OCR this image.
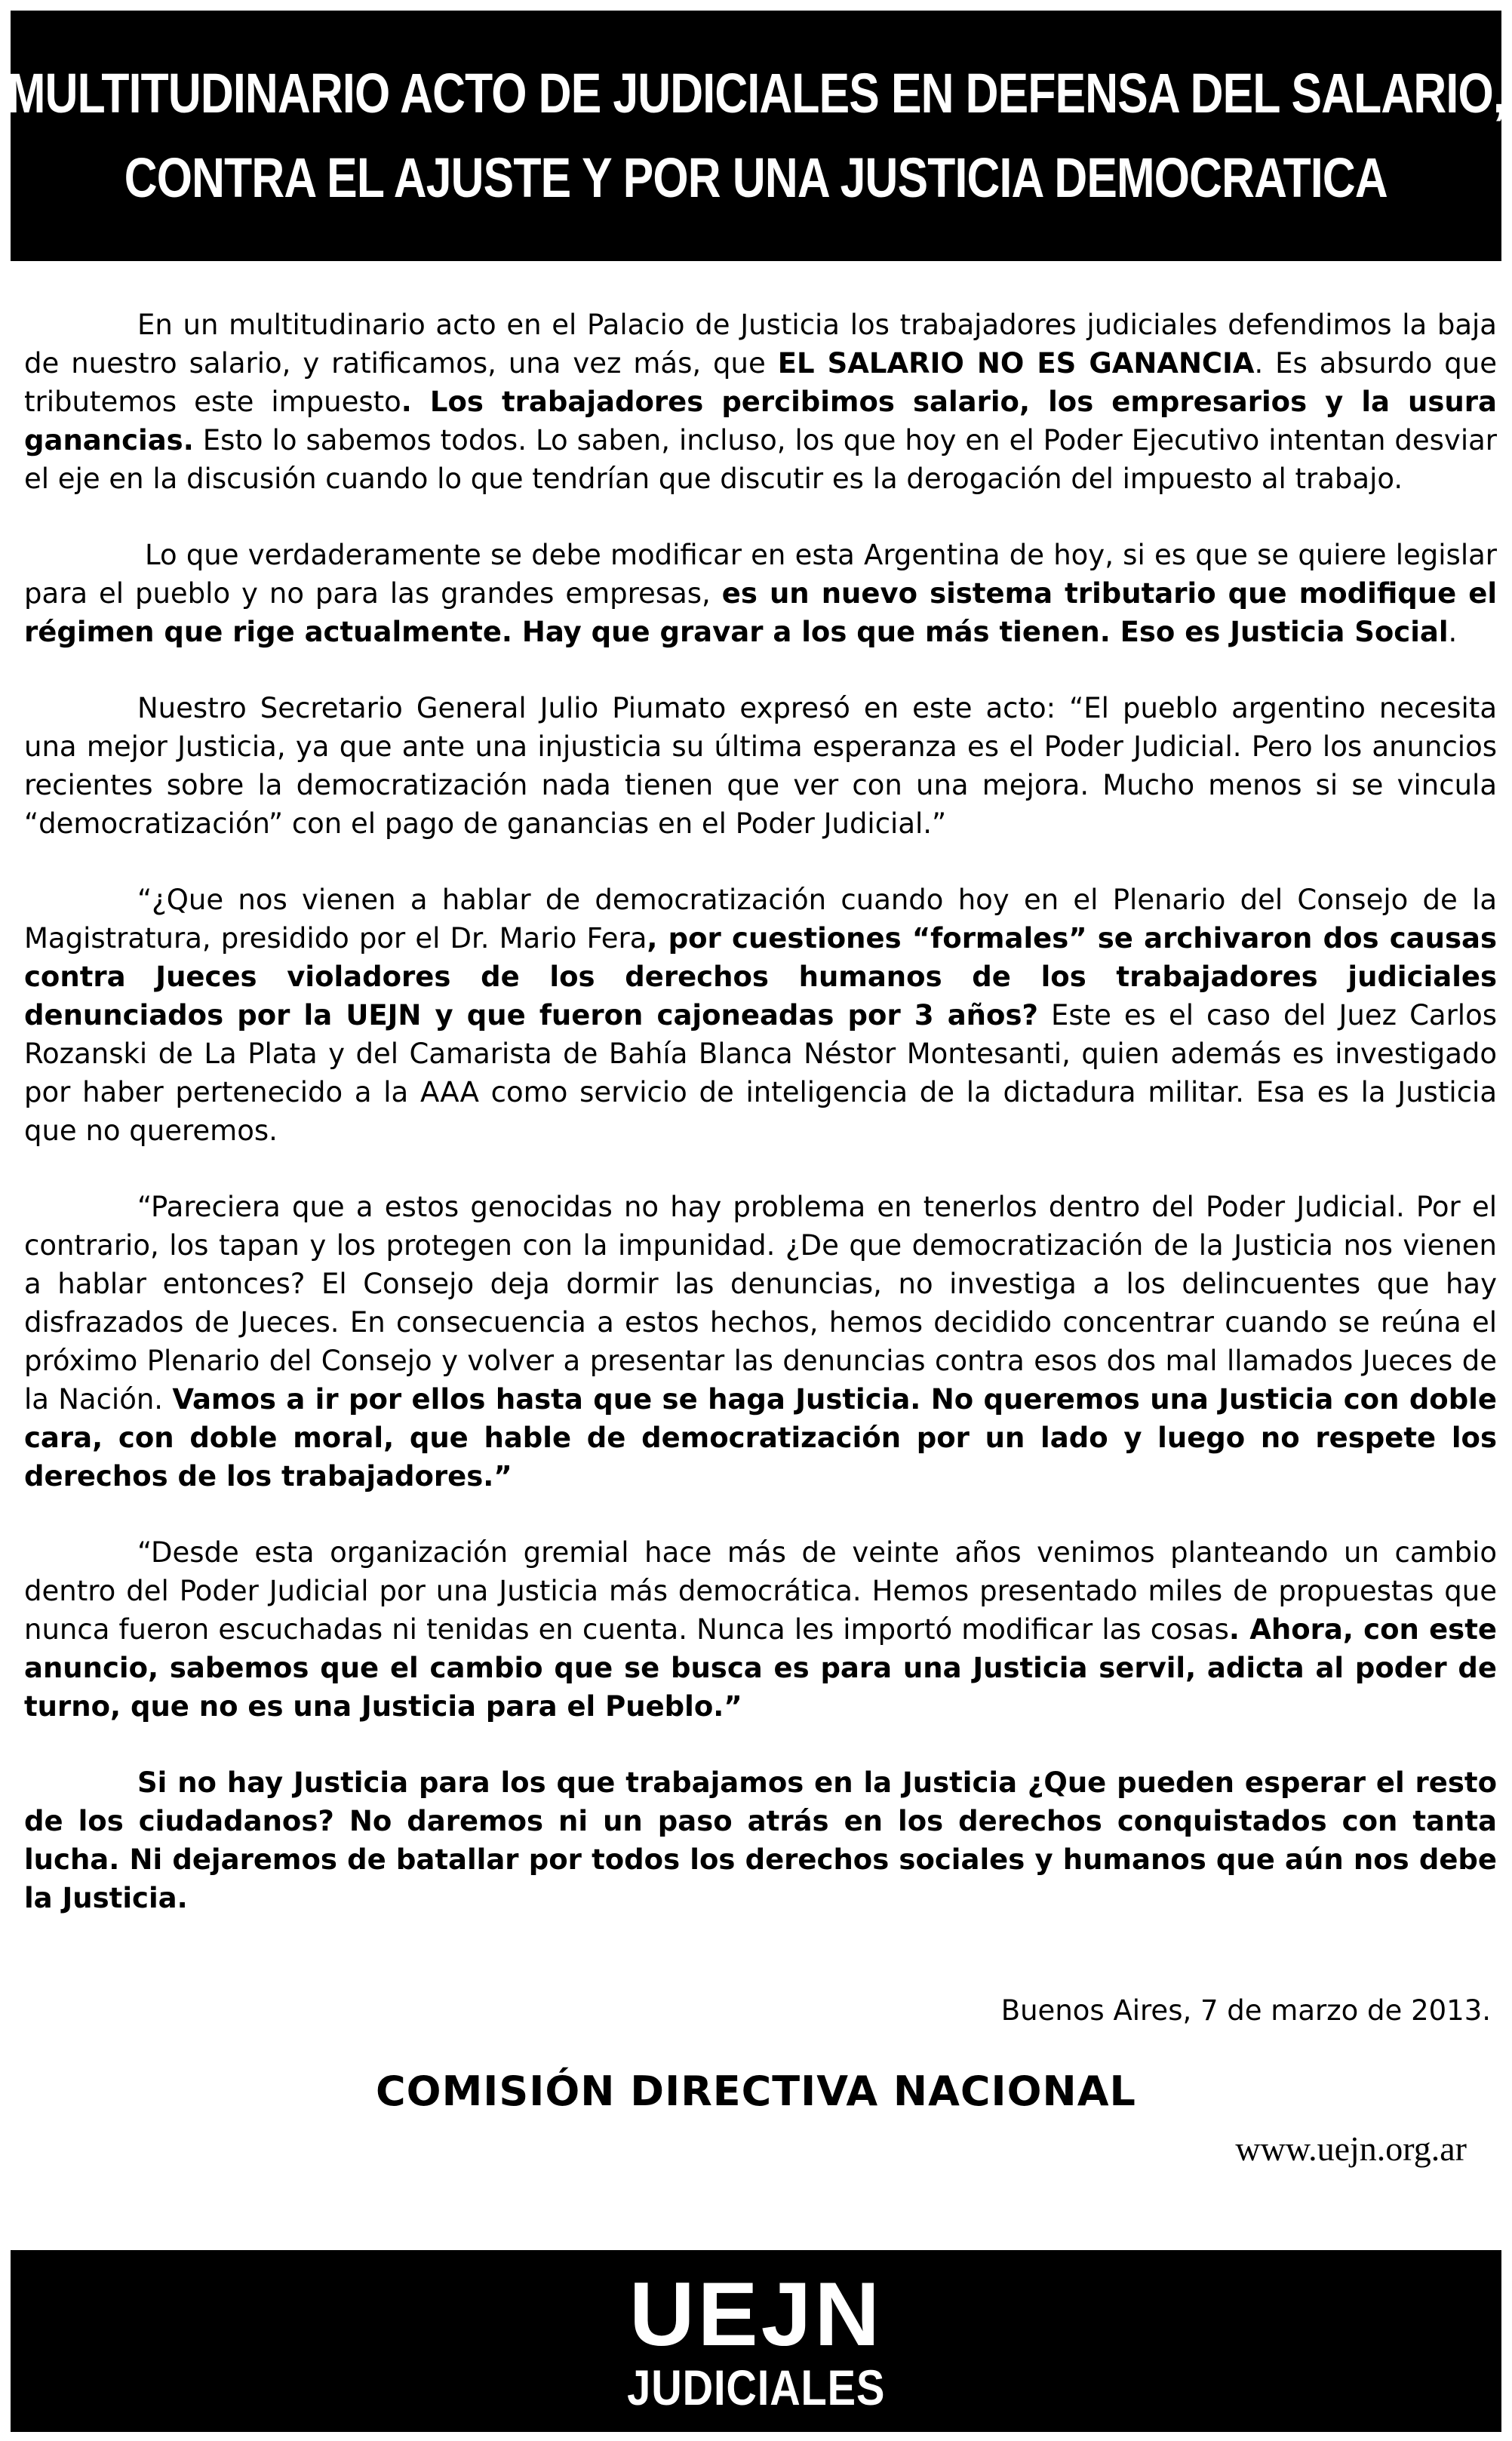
MULTITUDINARIO ACTO DE JUDICIALES EN DEFENSA DEL SALARIO,
CONTRA EL AJUSTE Y POR UNA JUSTICIA DEMOCRATICA

En un multitudinario acto en el Palacio de Justicia los trabajadores judiciales defendimos la baja de nuestro salario, y ratificamos, una vez más, que EL SALARIO NO ES GANANCIA. Es absurdo que tributemos este impuesto. Los trabajadores percibimos salario, los empresarios y la usura ganancias. Esto lo sabemos todos. Lo saben, incluso, los que hoy en el Poder Ejecutivo intentan desviar el eje en la discusión cuando lo que tendrían que discutir es la derogación del impuesto al trabajo.

Lo que verdaderamente se debe modificar en esta Argentina de hoy, si es que se quiere legislar para el pueblo y no para las grandes empresas, es un nuevo sistema tributario que modifique el régimen que rige actualmente. Hay que gravar a los que más tienen. Eso es Justicia Social.

Nuestro Secretario General Julio Piumato expresó en este acto: “El pueblo argentino necesita una mejor Justicia, ya que ante una injusticia su última esperanza es el Poder Judicial. Pero los anuncios recientes sobre la democratización nada tienen que ver con una mejora. Mucho menos si se vincula “democratización” con el pago de ganancias en el Poder Judicial.”

“¿Que nos vienen a hablar de democratización cuando hoy en el Plenario del Consejo de la Magistratura, presidido por el Dr. Mario Fera, por cuestiones “formales” se archivaron dos causas contra Jueces violadores de los derechos humanos de los trabajadores judiciales denunciados por la UEJN y que fueron cajoneadas por 3 años? Este es el caso del Juez Carlos Rozanski de La Plata y del Camarista de Bahía Blanca Néstor Montesanti, quien además es investigado por haber pertenecido a la AAA como servicio de inteligencia de la dictadura militar. Esa es la Justicia que no queremos.

“Pareciera que a estos genocidas no hay problema en tenerlos dentro del Poder Judicial. Por el contrario, los tapan y los protegen con la impunidad. ¿De que democratización de la Justicia nos vienen a hablar entonces? El Consejo deja dormir las denuncias, no investiga a los delincuentes que hay disfrazados de Jueces. En consecuencia a estos hechos, hemos decidido concentrar cuando se reúna el próximo Plenario del Consejo y volver a presentar las denuncias contra esos dos mal llamados Jueces de la Nación. Vamos a ir por ellos hasta que se haga Justicia. No queremos una Justicia con doble cara, con doble moral, que hable de democratización por un lado y luego no respete los derechos de los trabajadores.”

“Desde esta organización gremial hace más de veinte años venimos planteando un cambio dentro del Poder Judicial por una Justicia más democrática. Hemos presentado miles de propuestas que nunca fueron escuchadas ni tenidas en cuenta. Nunca les importó modificar las cosas. Ahora, con este anuncio, sabemos que el cambio que se busca es para una Justicia servil, adicta al poder de turno, que no es una Justicia para el Pueblo.”

Si no hay Justicia para los que trabajamos en la Justicia ¿Que pueden esperar el resto de los ciudadanos? No daremos ni un paso atrás en los derechos conquistados con tanta lucha. Ni dejaremos de batallar por todos los derechos sociales y humanos que aún nos debe la Justicia.

Buenos Aires, 7 de marzo de 2013.
COMISIÓN DIRECTIVA NACIONAL
www.uejn.org.ar
UEJN
JUDICIALES
